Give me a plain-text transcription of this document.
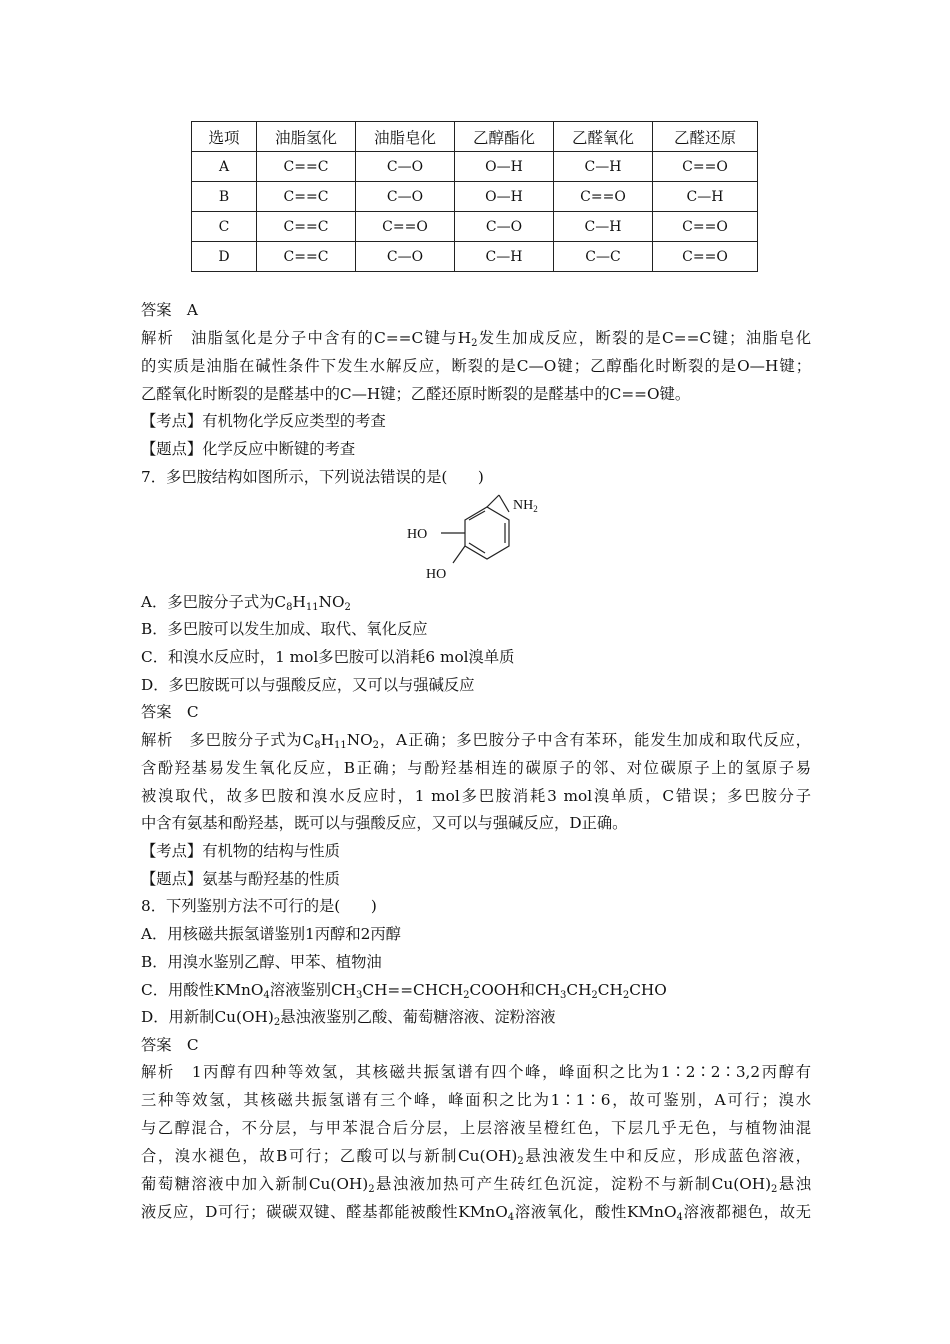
选项	油脂氢化	油脂皂化	乙醇酯化	乙醛氧化	乙醛还原
A	C==C	C—O	O—H	C—H	C==O
B	C==C	C—O	O—H	C==O	C—H
C	C==C	C==O	C—O	C—H	C==O
D	C==C	C—O	C—H	C—C	C==O
答案　A
解析　油脂氢化是分子中含有的C==C键与$H_2$发生加成反应，断裂的是C==C键；油脂皂化
的实质是油脂在碱性条件下发生水解反应，断裂的是C—O键；乙醇酯化时断裂的是O—H键；
乙醛氧化时断裂的是醛基中的C—H键；乙醛还原时断裂的是醛基中的C==O键。
【考点】有机物化学反应类型的考查
【题点】化学反应中断键的考查
7．多巴胺结构如图所示，下列说法错误的是(　　)
$NH_2$
HO
HO
A．多巴胺分子式为$C_8H_{11}NO_2$
B．多巴胺可以发生加成、取代、氧化反应
C．和溴水反应时，1 mol多巴胺可以消耗6 mol溴单质
D．多巴胺既可以与强酸反应，又可以与强碱反应
答案　C
解析　多巴胺分子式为$C_8H_{11}NO_2$，A正确；多巴胺分子中含有苯环，能发生加成和取代反应，
含酚羟基易发生氧化反应，B正确；与酚羟基相连的碳原子的邻、对位碳原子上的氢原子易
被溴取代，故多巴胺和溴水反应时，1 mol多巴胺消耗3 mol溴单质，C错误；多巴胺分子
中含有氨基和酚羟基，既可以与强酸反应，又可以与强碱反应，D正确。
【考点】有机物的结构与性质
【题点】氨基与酚羟基的性质
8．下列鉴别方法不可行的是(　　)
A．用核磁共振氢谱鉴别1丙醇和2丙醇
B．用溴水鉴别乙醇、甲苯、植物油
C．用酸性KMnO$_4$溶液鉴别$CH_3CH==CHCH_2COOH$和$CH_3CH_2CH_2CHO$
D．用新制$Cu(OH)_2$悬浊液鉴别乙酸、葡萄糖溶液、淀粉溶液
答案　C
解析　1丙醇有四种等效氢，其核磁共振氢谱有四个峰，峰面积之比为1∶2∶2∶3,2丙醇有
三种等效氢，其核磁共振氢谱有三个峰，峰面积之比为1∶1∶6，故可鉴别，A可行；溴水
与乙醇混合，不分层，与甲苯混合后分层，上层溶液呈橙红色，下层几乎无色，与植物油混
合，溴水褪色，故B可行；乙酸可以与新制$Cu(OH)_2$悬浊液发生中和反应，形成蓝色溶液，
葡萄糖溶液中加入新制$Cu(OH)_2$悬浊液加热可产生砖红色沉淀，淀粉不与新制$Cu(OH)_2$悬浊
液反应，D可行；碳碳双键、醛基都能被酸性KMnO$_4$溶液氧化，酸性KMnO$_4$溶液都褪色，故无
